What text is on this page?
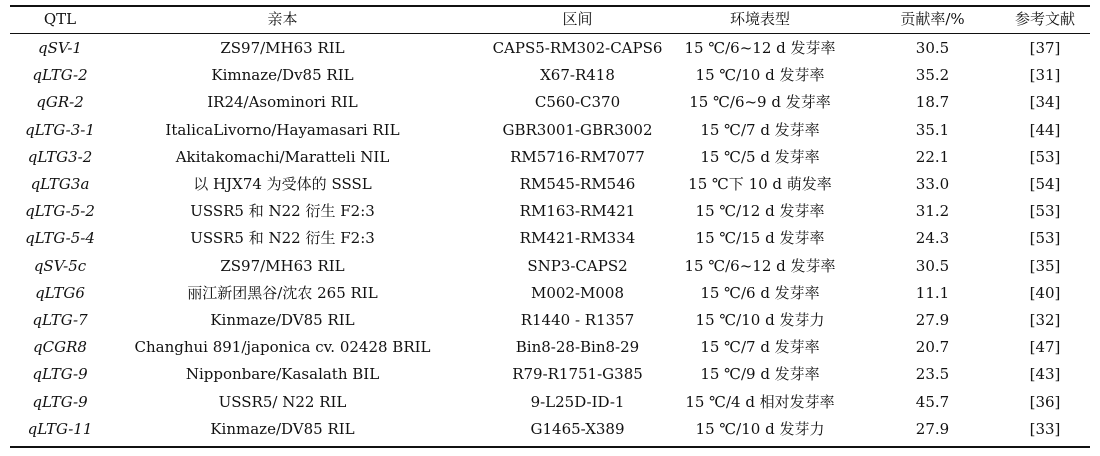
QTL	亲本	区间	环境表型	贡献率/%	参考文献
qSV-1	ZS97/MH63 RIL	CAPS5-RM302-CAPS6	15 ℃/6~12 d 发芽率	30.5	[37]
qLTG-2	Kimnaze/Dv85 RIL	X67-R418	15 ℃/10 d 发芽率	35.2	[31]
qGR-2	IR24/Asominori RIL	C560-C370	15 ℃/6~9 d 发芽率	18.7	[34]
qLTG-3-1	ItalicaLivorno/Hayamasari RIL	GBR3001-GBR3002	15 ℃/7 d 发芽率	35.1	[44]
qLTG3-2	Akitakomachi/Maratteli NIL	RM5716-RM7077	15 ℃/5 d 发芽率	22.1	[53]
qLTG3a	以 HJX74 为受体的 SSSL	RM545-RM546	15 ℃下 10 d 萌发率	33.0	[54]
qLTG-5-2	USSR5 和 N22 衍生 F2:3	RM163-RM421	15 ℃/12 d 发芽率	31.2	[53]
qLTG-5-4	USSR5 和 N22 衍生 F2:3	RM421-RM334	15 ℃/15 d 发芽率	24.3	[53]
qSV-5c	ZS97/MH63 RIL	SNP3-CAPS2	15 ℃/6~12 d 发芽率	30.5	[35]
qLTG6	丽江新团黑谷/沈农 265 RIL	M002-M008	15 ℃/6 d 发芽率	11.1	[40]
qLTG-7	Kinmaze/DV85 RIL	R1440 - R1357	15 ℃/10 d 发芽力	27.9	[32]
qCGR8	Changhui 891/japonica cv. 02428 BRIL	Bin8-28-Bin8-29	15 ℃/7 d 发芽率	20.7	[47]
qLTG-9	Nipponbare/Kasalath BIL	R79-R1751-G385	15 ℃/9 d 发芽率	23.5	[43]
qLTG-9	USSR5/ N22 RIL	9-L25D-ID-1	15 ℃/4 d 相对发芽率	45.7	[36]
qLTG-11	Kinmaze/DV85 RIL	G1465-X389	15 ℃/10 d 发芽力	27.9	[33]
